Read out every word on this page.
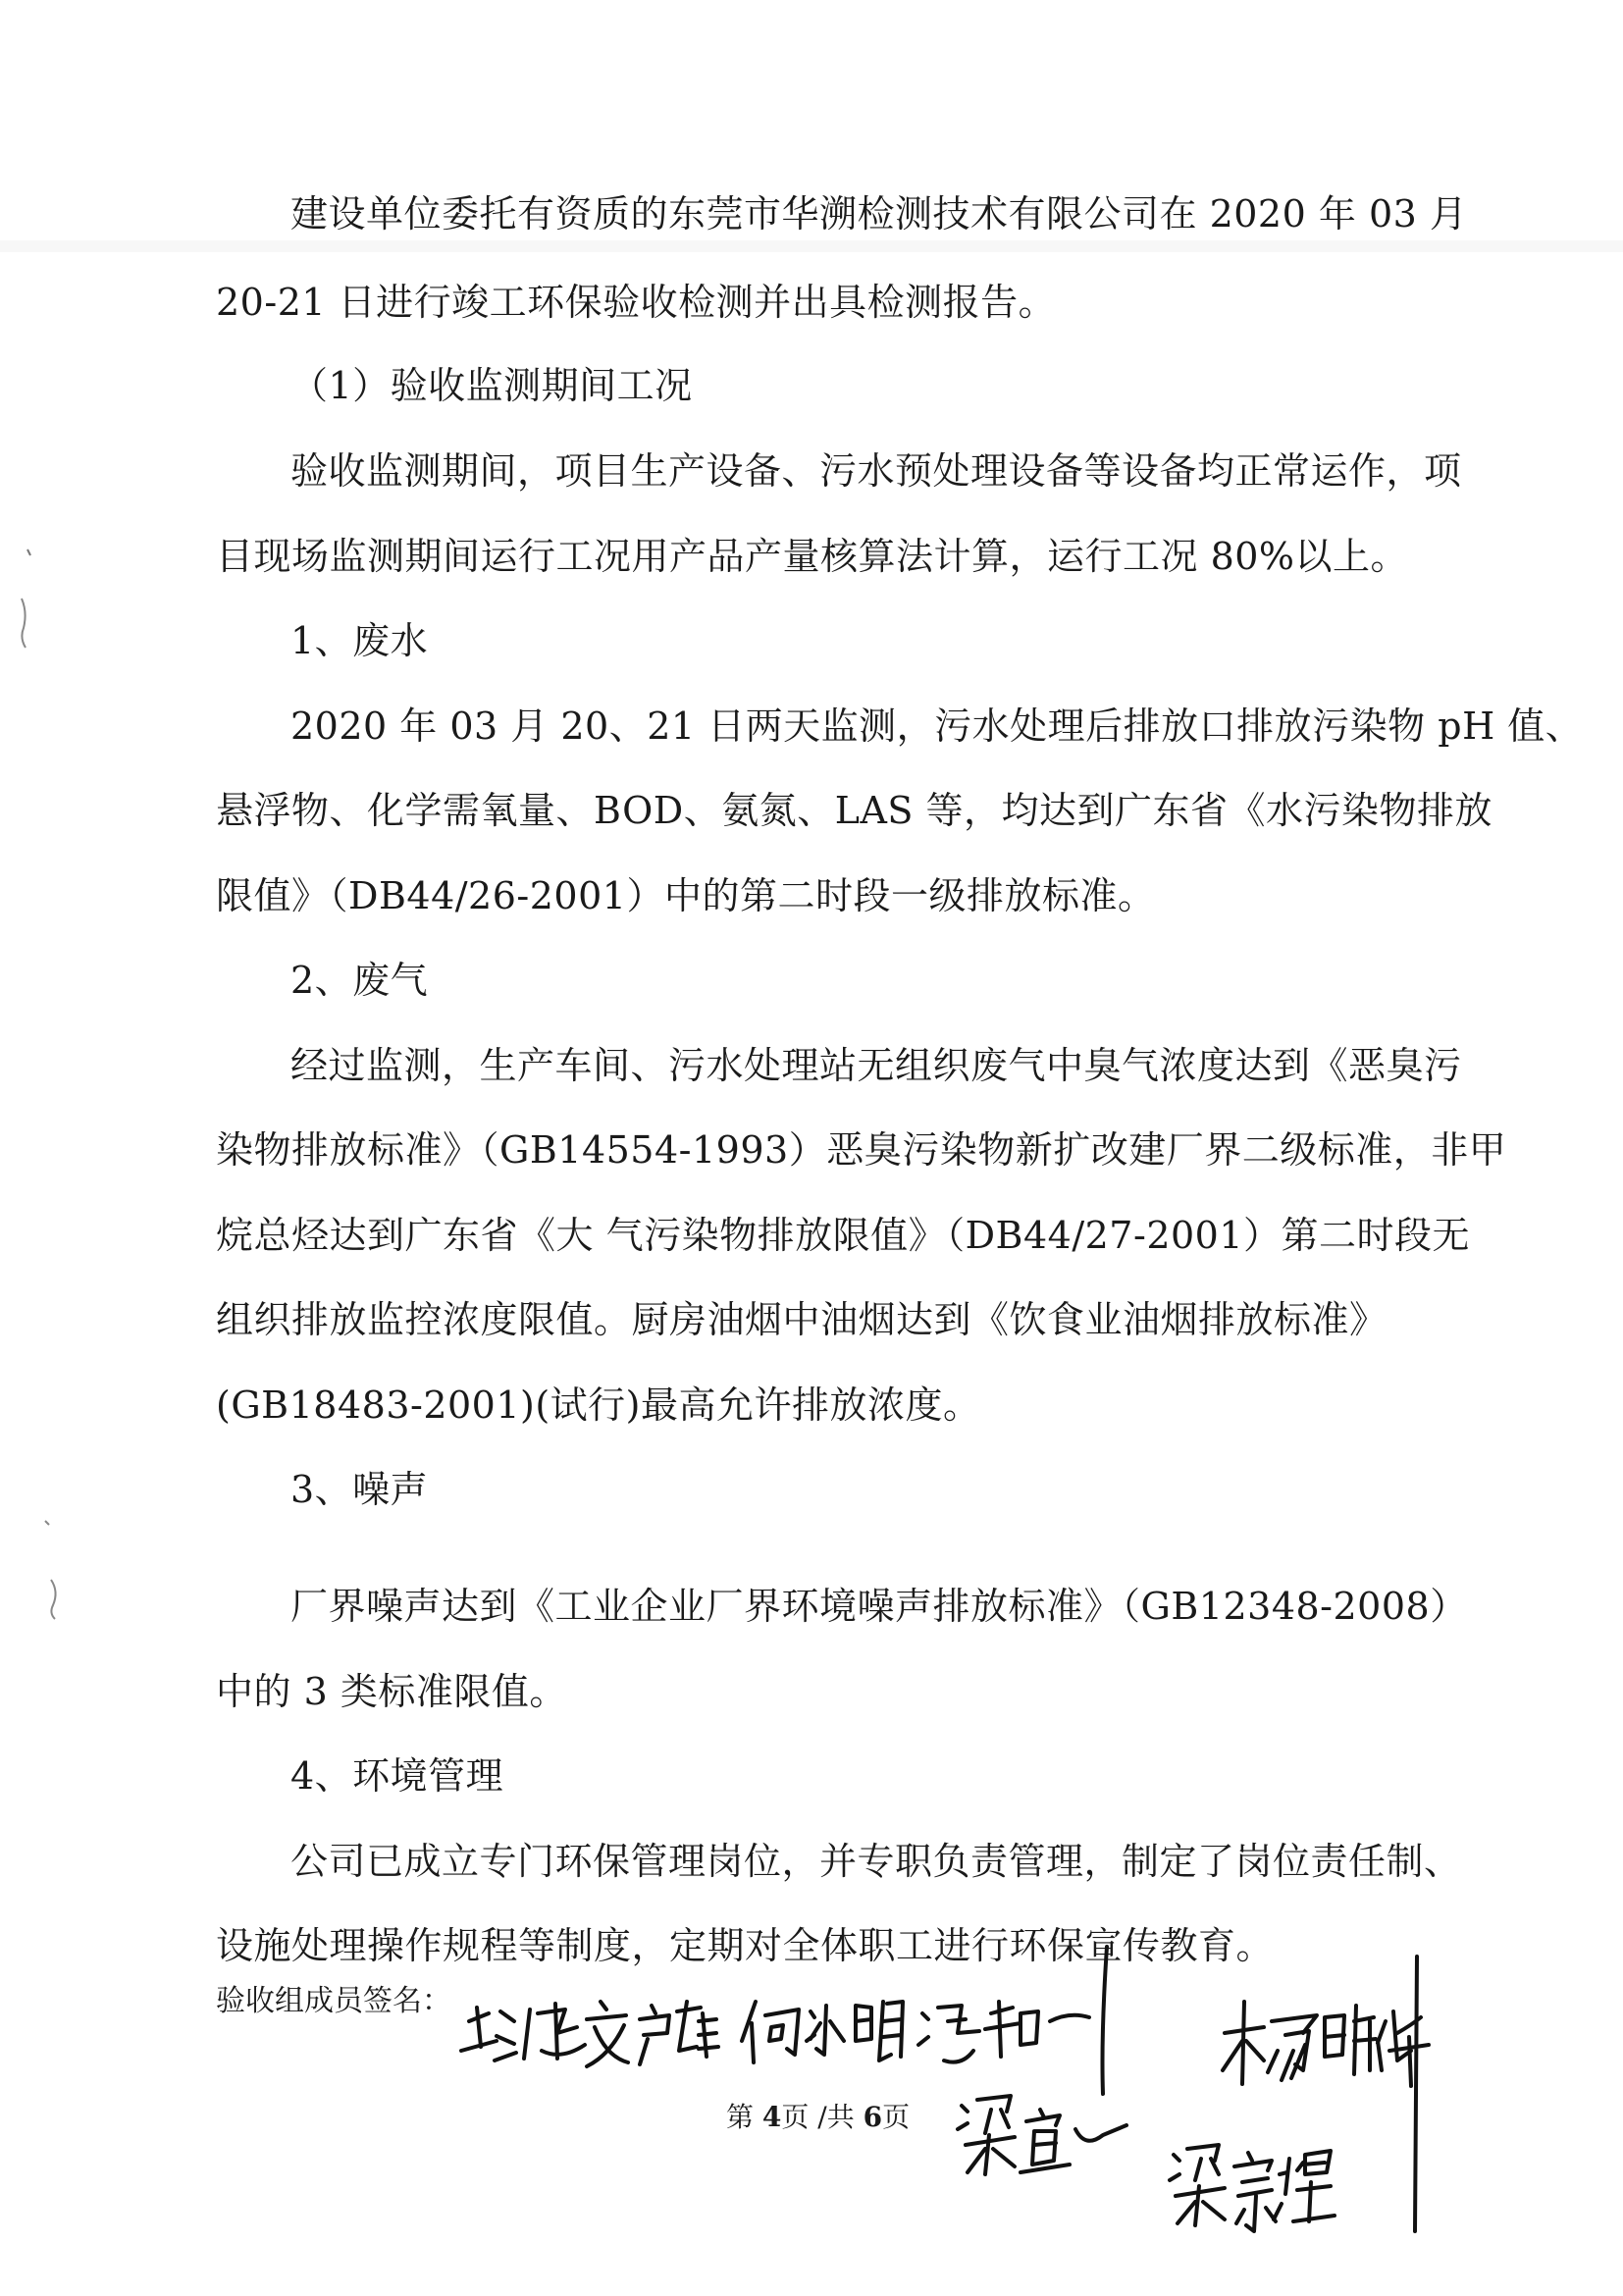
建设单位委托有资质的东莞市华溯检测技术有限公司在 2020 年 03 月
20-21 日进行竣工环保验收检测并出具检测报告。
（1）验收监测期间工况
验收监测期间，项目生产设备、污水预处理设备等设备均正常运作，项
目现场监测期间运行工况用产品产量核算法计算，运行工况 80%以上。
1、废水
2020 年 03 月 20、21 日两天监测，污水处理后排放口排放污染物 pH 值、
悬浮物、化学需氧量、BOD、氨氮、LAS 等，均达到广东省《水污染物排放
限值》（DB44/26-2001）中的第二时段一级排放标准。
2、废气
经过监测，生产车间、污水处理站无组织废气中臭气浓度达到《恶臭污
染物排放标准》（GB14554-1993）恶臭污染物新扩改建厂界二级标准，非甲
烷总烃达到广东省《大 气污染物排放限值》（DB44/27-2001）第二时段无
组织排放监控浓度限值。厨房油烟中油烟达到《饮食业油烟排放标准》
(GB18483-2001)(试行)最高允许排放浓度。
3、噪声
厂界噪声达到《工业企业厂界环境噪声排放标准》（GB12348-2008）
中的 3 类标准限值。
4、环境管理
公司已成立专门环保管理岗位，并专职负责管理，制定了岗位责任制、
设施处理操作规程等制度，定期对全体职工进行环保宣传教育。
验收组成员签名：
第 4页 /共 6页
